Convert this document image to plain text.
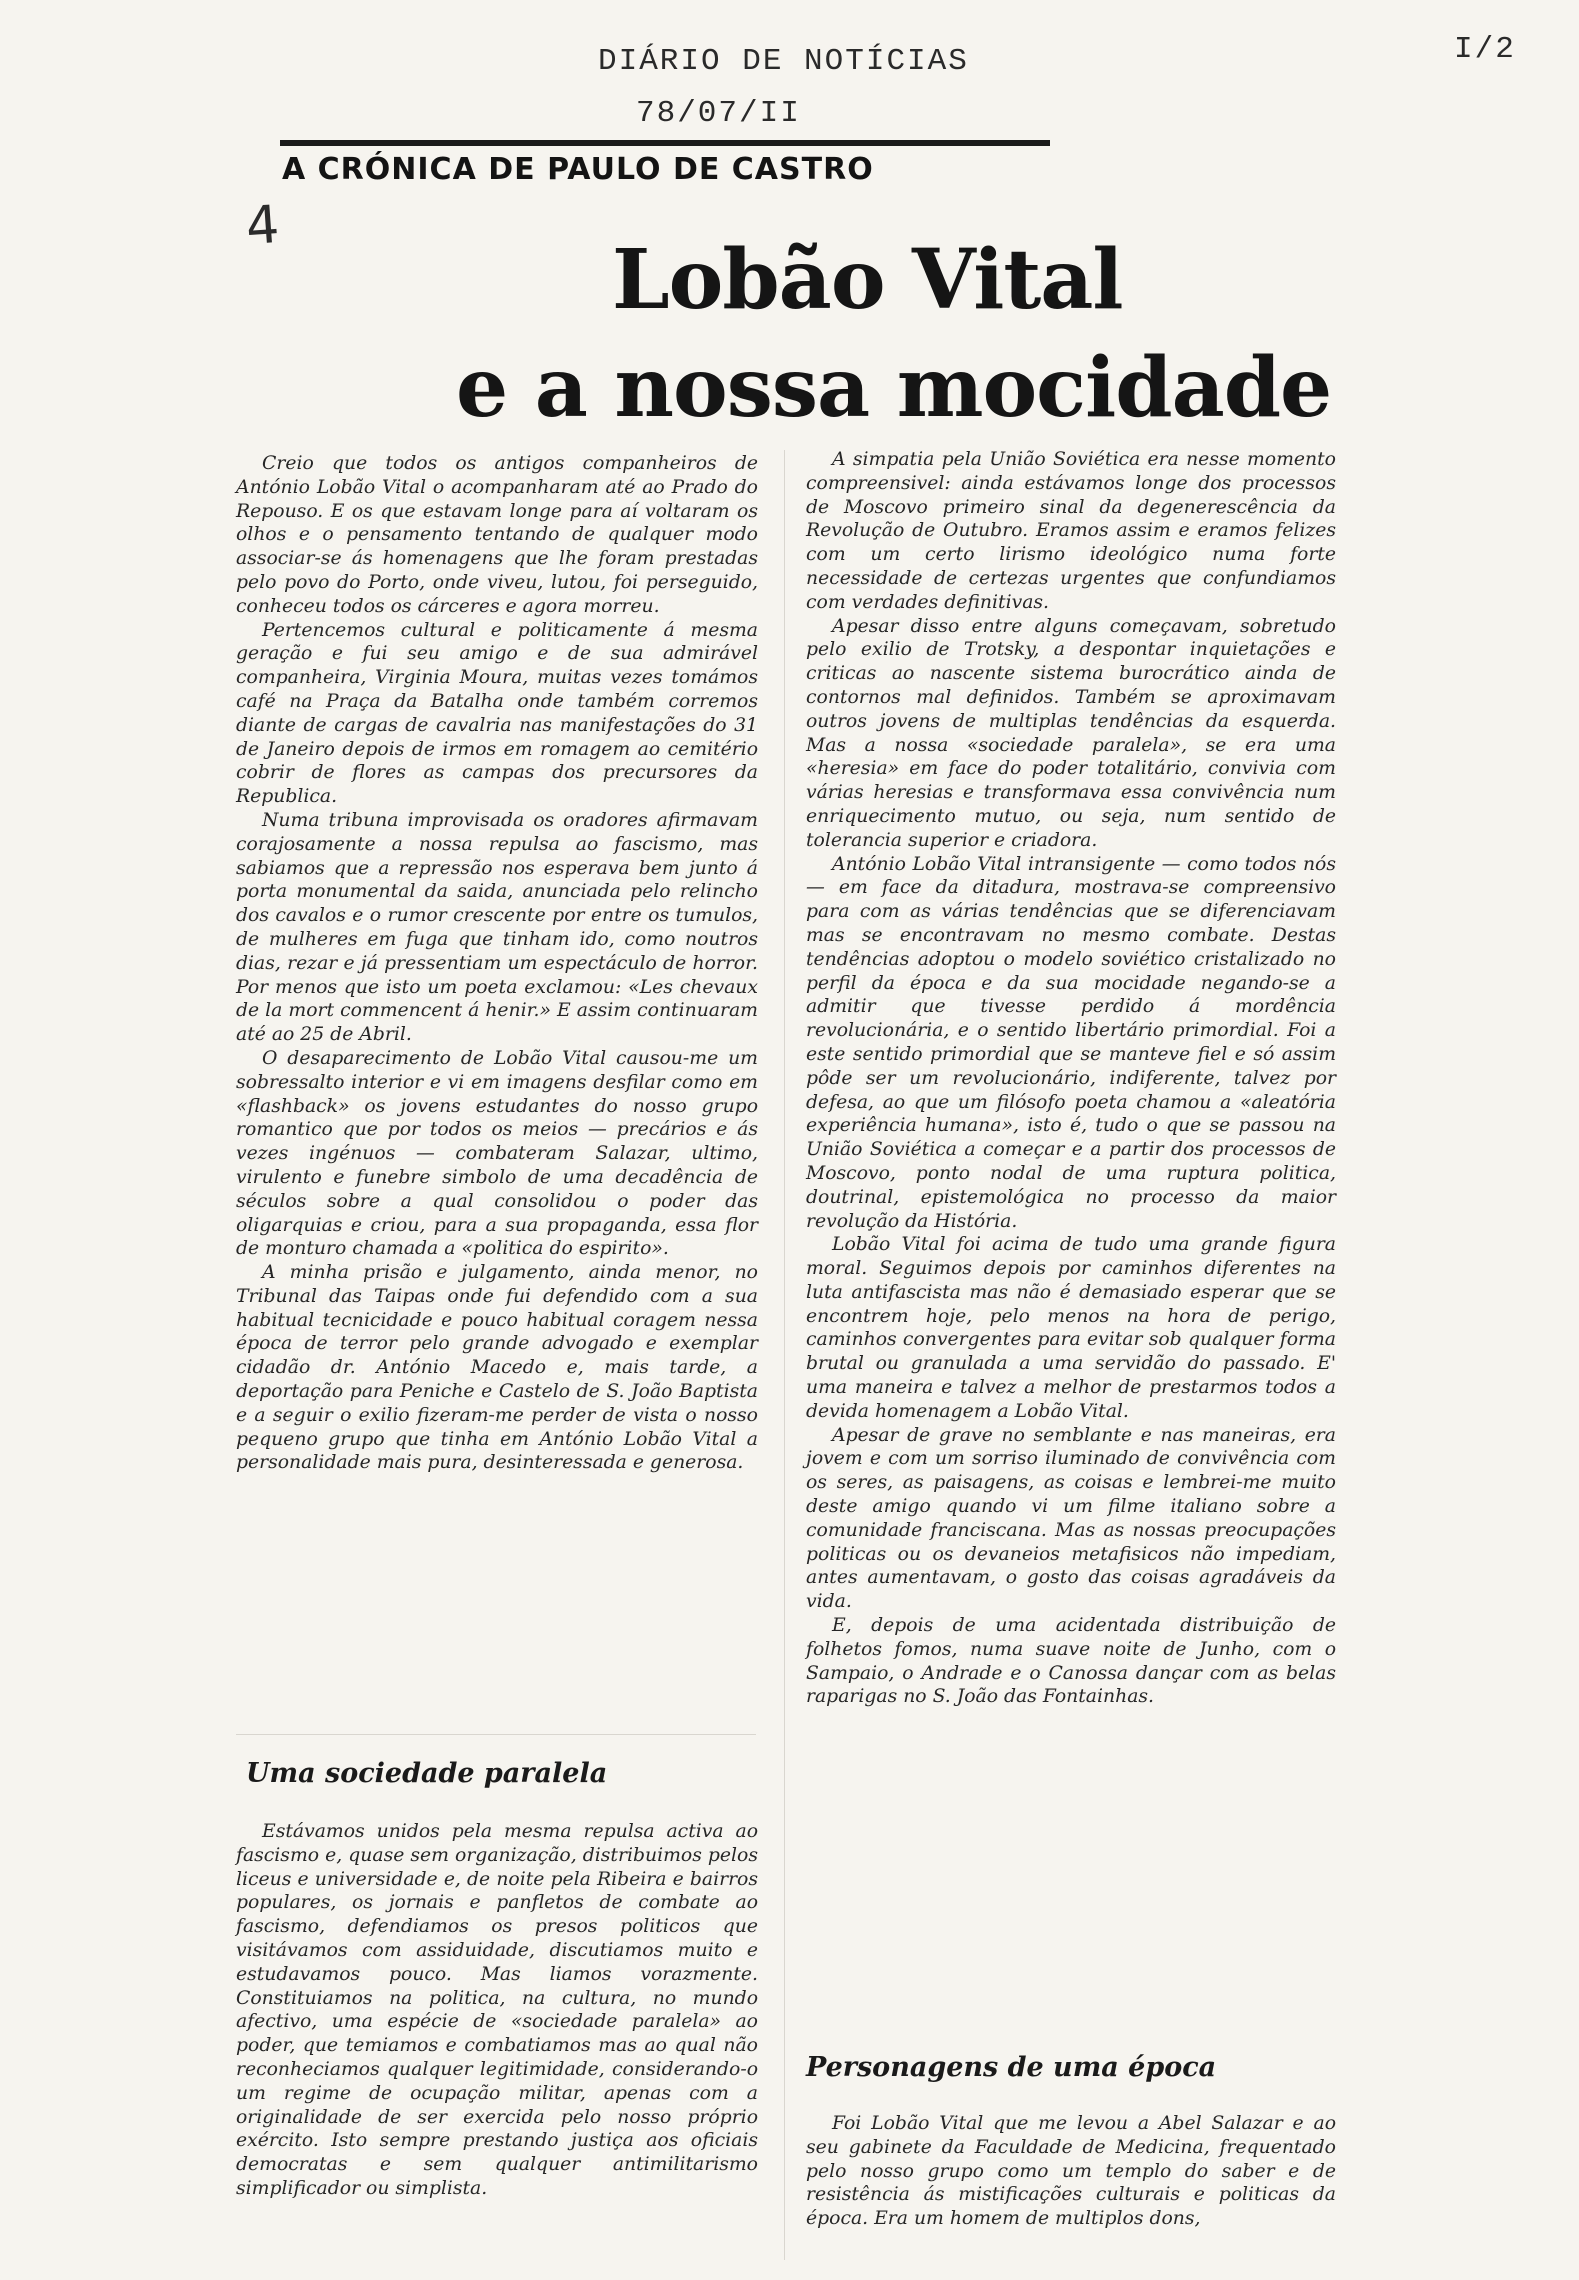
DIÁRIO DE NOTÍCIAS
78/07/II
I/2
A CRÓNICA DE PAULO DE CASTRO
4
Lobão Vital
e a nossa mocidade

Creio que todos os antigos companheiros de António Lobão Vital o acompanharam até ao Prado do Repouso. E os que estavam longe para aí voltaram os olhos e o pensamento tentando de qualquer modo associar-se ás homenagens que lhe foram prestadas pelo povo do Porto, onde viveu, lutou, foi perseguido, conheceu todos os cárceres e agora morreu.

Pertencemos cultural e politicamente á mesma geração e fui seu amigo e de sua admirável companheira, Virginia Moura, muitas vezes tomámos café na Praça da Batalha onde também corremos diante de cargas de cavalria nas manifestações do 31 de Janeiro depois de irmos em romagem ao cemitério cobrir de flores as campas dos precursores da Republica.

Numa tribuna improvisada os oradores afirmavam corajosamente a nossa repulsa ao fascismo, mas sabiamos que a repressão nos esperava bem junto á porta monumental da saida, anunciada pelo relincho dos cavalos e o rumor crescente por entre os tumulos, de mulheres em fuga que tinham ido, como noutros dias, rezar e já pressentiam um espectáculo de horror. Por menos que isto um poeta exclamou: «Les chevaux de la mort commencent á henir.» E assim continuaram até ao 25 de Abril.

O desaparecimento de Lobão Vital causou-me um sobressalto interior e vi em imagens desfilar como em «flashback» os jovens estudantes do nosso grupo romantico que por todos os meios — precários e ás vezes ingénuos — combateram Salazar, ultimo, virulento e funebre simbolo de uma decadência de séculos sobre a qual consolidou o poder das oligarquias e criou, para a sua propaganda, essa flor de monturo chamada a «politica do espirito».

A minha prisão e julgamento, ainda menor, no Tribunal das Taipas onde fui defendido com a sua habitual tecnicidade e pouco habitual coragem nessa época de terror pelo grande advogado e exemplar cidadão dr. António Macedo e, mais tarde, a deportação para Peniche e Castelo de S. João Baptista e a seguir o exilio fizeram-me perder de vista o nosso pequeno grupo que tinha em António Lobão Vital a personalidade mais pura, desinteressada e generosa.

Uma sociedade paralela

Estávamos unidos pela mesma repulsa activa ao fascismo e, quase sem organização, distribuimos pelos liceus e universidade e, de noite pela Ribeira e bairros populares, os jornais e panfletos de combate ao fascismo, defendiamos os presos politicos que visitávamos com assiduidade, discutiamos muito e estudavamos pouco. Mas liamos vorazmente. Constituiamos na politica, na cultura, no mundo afectivo, uma espécie de «sociedade paralela» ao poder, que temiamos e combatiamos mas ao qual não reconheciamos qualquer legitimidade, considerando-o um regime de ocupação militar, apenas com a originalidade de ser exercida pelo nosso próprio exército. Isto sempre prestando justiça aos oficiais democratas e sem qualquer antimilitarismo simplificador ou simplista.

A simpatia pela União Soviética era nesse momento compreensivel: ainda estávamos longe dos processos de Moscovo primeiro sinal da degenerescência da Revolução de Outubro. Eramos assim e eramos felizes com um certo lirismo ideológico numa forte necessidade de certezas urgentes que confundiamos com verdades definitivas.

Apesar disso entre alguns começavam, sobretudo pelo exilio de Trotsky, a despontar inquietações e criticas ao nascente sistema burocrático ainda de contornos mal definidos. Também se aproximavam outros jovens de multiplas tendências da esquerda. Mas a nossa «sociedade paralela», se era uma «heresia» em face do poder totalitário, convivia com várias heresias e transformava essa convivência num enriquecimento mutuo, ou seja, num sentido de tolerancia superior e criadora.

António Lobão Vital intransigente — como todos nós — em face da ditadura, mostrava-se compreensivo para com as várias tendências que se diferenciavam mas se encontravam no mesmo combate. Destas tendências adoptou o modelo soviético cristalizado no perfil da época e da sua mocidade negando-se a admitir que tivesse perdido á mordência revolucionária, e o sentido libertário primordial. Foi a este sentido primordial que se manteve fiel e só assim pôde ser um revolucionário, indiferente, talvez por defesa, ao que um filósofo poeta chamou a «aleatória experiência humana», isto é, tudo o que se passou na União Soviética a começar e a partir dos processos de Moscovo, ponto nodal de uma ruptura politica, doutrinal, epistemológica no processo da maior revolução da História.

Lobão Vital foi acima de tudo uma grande figura moral. Seguimos depois por caminhos diferentes na luta antifascista mas não é demasiado esperar que se encontrem hoje, pelo menos na hora de perigo, caminhos convergentes para evitar sob qualquer forma brutal ou granulada a uma servidão do passado. E' uma maneira e talvez a melhor de prestarmos todos a devida homenagem a Lobão Vital.

Apesar de grave no semblante e nas maneiras, era jovem e com um sorriso iluminado de convivência com os seres, as paisagens, as coisas e lembrei-me muito deste amigo quando vi um filme italiano sobre a comunidade franciscana. Mas as nossas preocupações politicas ou os devaneios metafisicos não impediam, antes aumentavam, o gosto das coisas agradáveis da vida.

E, depois de uma acidentada distribuição de folhetos fomos, numa suave noite de Junho, com o Sampaio, o Andrade e o Canossa dançar com as belas raparigas no S. João das Fontainhas.

Personagens de uma época

Foi Lobão Vital que me levou a Abel Salazar e ao seu gabinete da Faculdade de Medicina, frequentado pelo nosso grupo como um templo do saber e de resistência ás mistificações culturais e politicas da época. Era um homem de multiplos dons,
